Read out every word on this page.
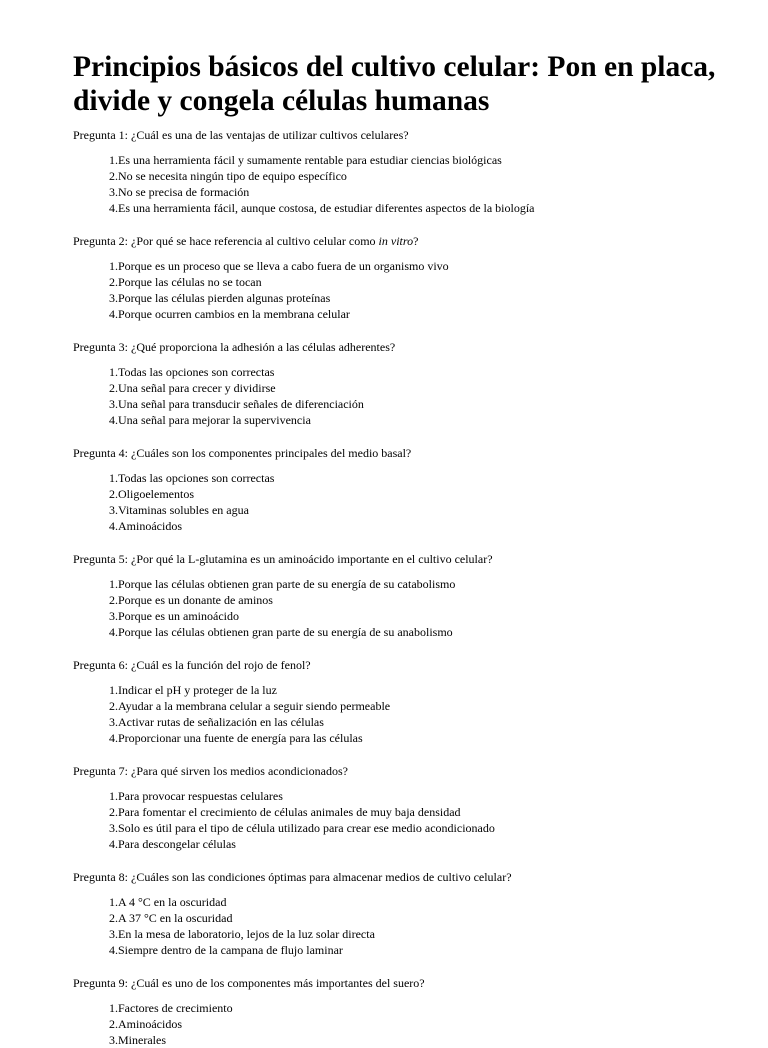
Principios básicos del cultivo celular: Pon en placa, divide y congela células humanas

Pregunta 1: ¿Cuál es una de las ventajas de utilizar cultivos celulares?

1. Es una herramienta fácil y sumamente rentable para estudiar ciencias biológicas
2. No se necesita ningún tipo de equipo específico
3. No se precisa de formación
4. Es una herramienta fácil, aunque costosa, de estudiar diferentes aspectos de la biología

Pregunta 2: ¿Por qué se hace referencia al cultivo celular como in vitro?

1. Porque es un proceso que se lleva a cabo fuera de un organismo vivo
2. Porque las células no se tocan
3. Porque las células pierden algunas proteínas
4. Porque ocurren cambios en la membrana celular

Pregunta 3: ¿Qué proporciona la adhesión a las células adherentes?

1. Todas las opciones son correctas
2. Una señal para crecer y dividirse
3. Una señal para transducir señales de diferenciación
4. Una señal para mejorar la supervivencia

Pregunta 4: ¿Cuáles son los componentes principales del medio basal?

1. Todas las opciones son correctas
2. Oligoelementos
3. Vitaminas solubles en agua
4. Aminoácidos

Pregunta 5: ¿Por qué la L-glutamina es un aminoácido importante en el cultivo celular?

1. Porque las células obtienen gran parte de su energía de su catabolismo
2. Porque es un donante de aminos
3. Porque es un aminoácido
4. Porque las células obtienen gran parte de su energía de su anabolismo

Pregunta 6: ¿Cuál es la función del rojo de fenol?

1. Indicar el pH y proteger de la luz
2. Ayudar a la membrana celular a seguir siendo permeable
3. Activar rutas de señalización en las células
4. Proporcionar una fuente de energía para las células

Pregunta 7: ¿Para qué sirven los medios acondicionados?

1. Para provocar respuestas celulares
2. Para fomentar el crecimiento de células animales de muy baja densidad
3. Solo es útil para el tipo de célula utilizado para crear ese medio acondicionado
4. Para descongelar células

Pregunta 8: ¿Cuáles son las condiciones óptimas para almacenar medios de cultivo celular?

1. A 4 °C en la oscuridad
2. A 37 °C en la oscuridad
3. En la mesa de laboratorio, lejos de la luz solar directa
4. Siempre dentro de la campana de flujo laminar

Pregunta 9: ¿Cuál es uno de los componentes más importantes del suero?

1. Factores de crecimiento
2. Aminoácidos
3. Minerales
